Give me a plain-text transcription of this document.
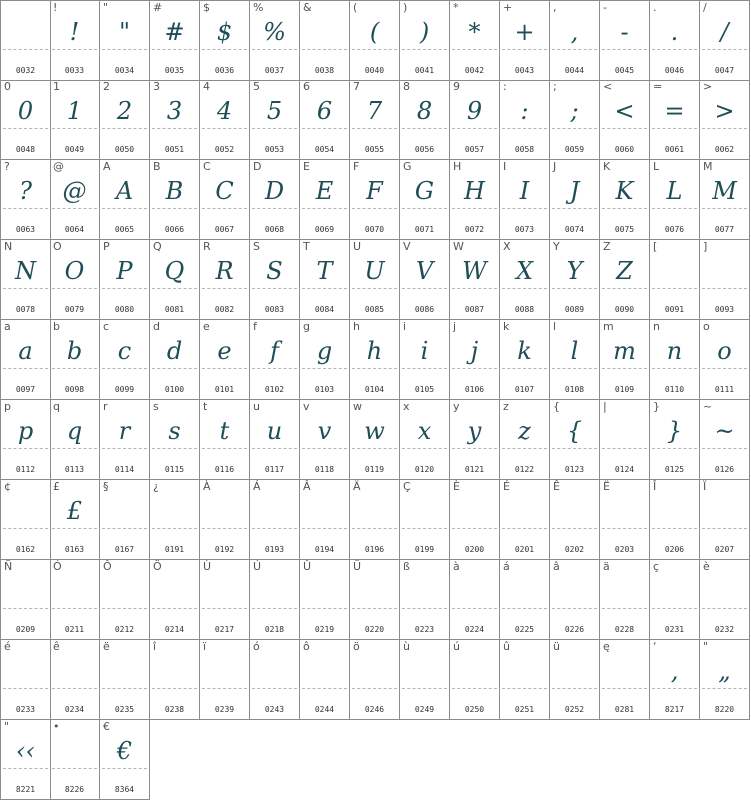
0032
!
!
0033
"
"
0034
#
#
0035
$
$
0036
%
%
0037
&
0038
(
(
0040
)
)
0041
*
*
0042
+
+
0043
,
,
0044
-
-
0045
.
.
0046
/
/
0047
0
0
0048
1
1
0049
2
2
0050
3
3
0051
4
4
0052
5
5
0053
6
6
0054
7
7
0055
8
8
0056
9
9
0057
:
:
0058
;
;
0059
<
<
0060
=
=
0061
>
>
0062
?
?
0063
@
@
0064
A
A
0065
B
B
0066
C
C
0067
D
D
0068
E
E
0069
F
F
0070
G
G
0071
H
H
0072
I
I
0073
J
J
0074
K
K
0075
L
L
0076
M
M
0077
N
N
0078
O
O
0079
P
P
0080
Q
Q
0081
R
R
0082
S
S
0083
T
T
0084
U
U
0085
V
V
0086
W
W
0087
X
X
0088
Y
Y
0089
Z
Z
0090
[
0091
]
0093
a
a
0097
b
b
0098
c
c
0099
d
d
0100
e
e
0101
f
f
0102
g
g
0103
h
h
0104
i
i
0105
j
j
0106
k
k
0107
l
l
0108
m
m
0109
n
n
0110
o
o
0111
p
p
0112
q
q
0113
r
r
0114
s
s
0115
t
t
0116
u
u
0117
v
v
0118
w
w
0119
x
x
0120
y
y
0121
z
z
0122
{
{
0123
|
0124
}
}
0125
~
~
0126
¢
0162
£
£
0163
§
0167
¿
0191
À
0192
Á
0193
Â
0194
Ä
0196
Ç
0199
È
0200
É
0201
Ê
0202
Ë
0203
Î
0206
Ï
0207
Ñ
0209
Ó
0211
Ô
0212
Ö
0214
Ù
0217
Ú
0218
Û
0219
Ü
0220
ß
0223
à
0224
á
0225
â
0226
ä
0228
ç
0231
è
0232
é
0233
ê
0234
ë
0235
î
0238
ï
0239
ó
0243
ô
0244
ö
0246
ù
0249
ú
0250
û
0251
ü
0252
ę
0281
‘
‚
8217
"
„
8220
"
‹‹
8221
•
8226
€
€
8364
